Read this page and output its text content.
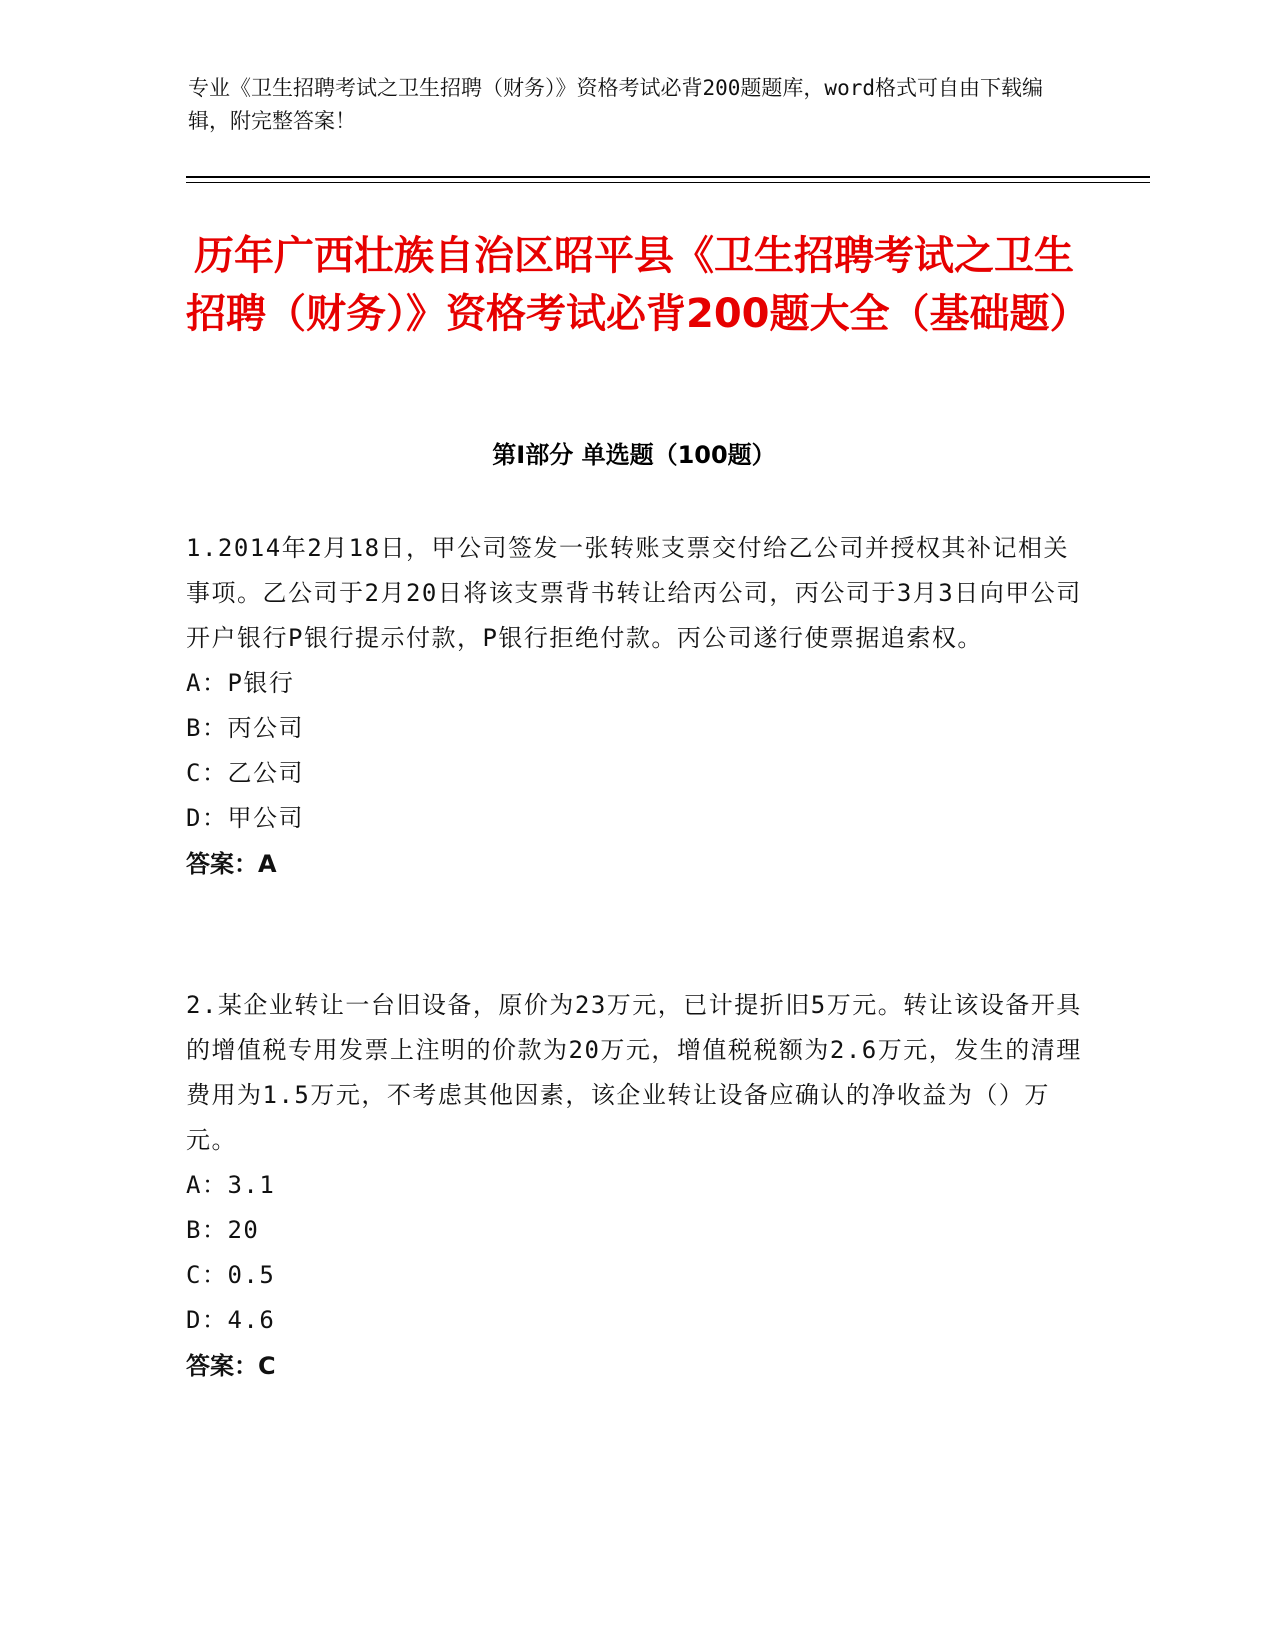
专业《卫生招聘考试之卫生招聘（财务）》资格考试必背200题题库，word格式可自由下载编辑，附完整答案！
历年广西壮族自治区昭平县《卫生招聘考试之卫生招聘（财务）》资格考试必背200题大全（基础题）
第Ⅰ部分 单选题（100题）
1.2014年2月18日，甲公司签发一张转账支票交付给乙公司并授权其补记相关事项。乙公司于2月20日将该支票背书转让给丙公司，丙公司于3月3日向甲公司开户银行P银行提示付款，P银行拒绝付款。丙公司遂行使票据追索权。
A：P银行
B：丙公司
C：乙公司
D：甲公司
答案：A
2.某企业转让一台旧设备，原价为23万元，已计提折旧5万元。转让该设备开具的增值税专用发票上注明的价款为20万元，增值税税额为2.6万元，发生的清理费用为1.5万元，不考虑其他因素，该企业转让设备应确认的净收益为（）万元。
A：3.1
B：20
C：0.5
D：4.6
答案：C
